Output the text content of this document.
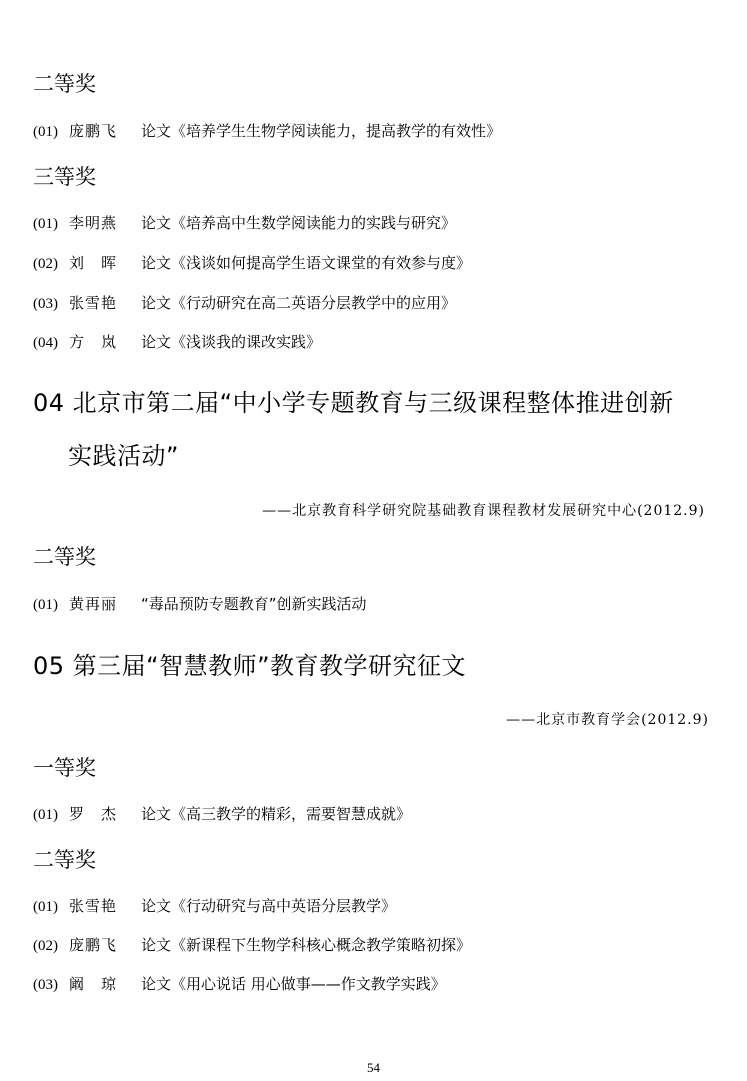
二等奖
(01) 庞鹏飞 论文《培养学生生物学阅读能力，提高教学的有效性》
三等奖
(01) 李明燕 论文《培养高中生数学阅读能力的实践与研究》
(02) 刘　晖 论文《浅谈如何提高学生语文课堂的有效参与度》
(03) 张雪艳 论文《行动研究在高二英语分层教学中的应用》
(04) 方　岚 论文《浅谈我的课改实践》
04 北京市第二届“中小学专题教育与三级课程整体推进创新
实践活动”
——北京教育科学研究院基础教育课程教材发展研究中心(2012.9)
二等奖
(01) 黄再丽 “毒品预防专题教育”创新实践活动
05 第三届“智慧教师”教育教学研究征文
——北京市教育学会(2012.9)
一等奖
(01) 罗　杰 论文《高三教学的精彩，需要智慧成就》
二等奖
(01) 张雪艳 论文《行动研究与高中英语分层教学》
(02) 庞鹏飞 论文《新课程下生物学科核心概念教学策略初探》
(03) 阚　琼 论文《用心说话 用心做事——作文教学实践》
54
